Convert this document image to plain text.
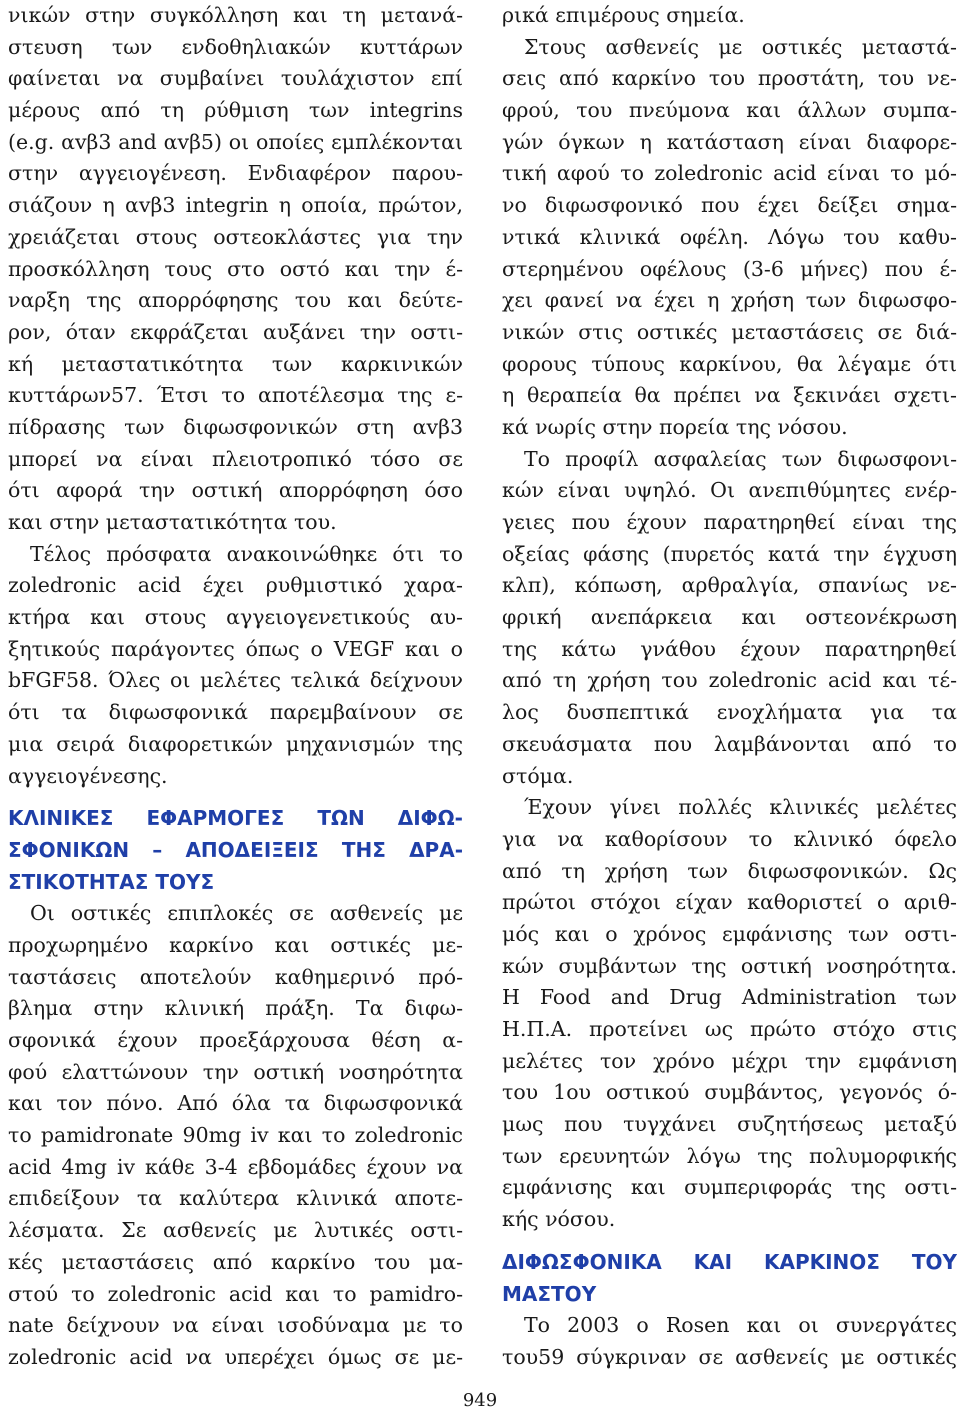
νικών στην συγκόλληση και τη μετανά-
στευση των ενδοθηλιακών κυττάρων
φαίνεται να συμβαίνει τουλάχιστον επί
μέρους από τη ρύθμιση των integrins
(e.g. αvβ3 and αvβ5) οι οποίες εμπλέκονται
στην αγγειογένεση. Ενδιαφέρον παρου-
σιάζουν η αvβ3 integrin η οποία, πρώτον,
χρειάζεται στους οστεοκλάστες για την
προσκόλληση τους στο οστό και την έ-
ναρξη της απορρόφησης του και δεύτε-
ρον, όταν εκφράζεται αυξάνει την οστι-
κή μεταστατικότητα των καρκινικών
κυττάρων57. Έτσι το αποτέλεσμα της ε-
πίδρασης των διφωσφονικών στη αvβ3
μπορεί να είναι πλειοτροπικό τόσο σε
ότι αφορά την οστική απορρόφηση όσο
και στην μεταστατικότητα του.
Τέλος πρόσφατα ανακοινώθηκε ότι το
zoledronic acid έχει ρυθμιστικό χαρα-
κτήρα και στους αγγειογενετικούς αυ-
ξητικούς παράγοντες όπως ο VEGF και ο
bFGF58. Όλες οι μελέτες τελικά δείχνουν
ότι τα διφωσφονικά παρεμβαίνουν σε
μια σειρά διαφορετικών μηχανισμών της
αγγειογένεσης.
ΚΛΙΝΙΚΕΣ ΕΦΑΡΜΟΓΕΣ ΤΩΝ ΔΙΦΩ-
ΣΦΟΝΙΚΩΝ – ΑΠΟΔΕΙΞΕΙΣ ΤΗΣ ΔΡΑ-
ΣΤΙΚΟΤΗΤΑΣ ΤΟΥΣ
Οι οστικές επιπλοκές σε ασθενείς με
προχωρημένο καρκίνο και οστικές με-
ταστάσεις αποτελούν καθημερινό πρό-
βλημα στην κλινική πράξη. Τα διφω-
σφονικά έχουν προεξάρχουσα θέση α-
φού ελαττώνουν την οστική νοσηρότητα
και τον πόνο. Από όλα τα διφωσφονικά
το pamidronate 90mg iv και το zoledronic
acid 4mg iv κάθε 3-4 εβδομάδες έχουν να
επιδείξουν τα καλύτερα κλινικά αποτε-
λέσματα. Σε ασθενείς με λυτικές οστι-
κές μεταστάσεις από καρκίνο του μα-
στού το zoledronic acid και το pamidro-
nate δείχνουν να είναι ισοδύναμα με το
zoledronic acid να υπερέχει όμως σε με-
ρικά επιμέρους σημεία.
Στους ασθενείς με οστικές μεταστά-
σεις από καρκίνο του προστάτη, του νε-
φρού, του πνεύμονα και άλλων συμπα-
γών όγκων η κατάσταση είναι διαφορε-
τική αφού το zoledronic acid είναι το μό-
νο διφωσφονικό που έχει δείξει σημα-
ντικά κλινικά οφέλη. Λόγω του καθυ-
στερημένου οφέλους (3-6 μήνες) που έ-
χει φανεί να έχει η χρήση των διφωσφο-
νικών στις οστικές μεταστάσεις σε διά-
φορους τύπους καρκίνου, θα λέγαμε ότι
η θεραπεία θα πρέπει να ξεκινάει σχετι-
κά νωρίς στην πορεία της νόσου.
Το προφίλ ασφαλείας των διφωσφονι-
κών είναι υψηλό. Οι ανεπιθύμητες ενέρ-
γειες που έχουν παρατηρηθεί είναι της
οξείας φάσης (πυρετός κατά την έγχυση
κλπ), κόπωση, αρθραλγία, σπανίως νε-
φρική ανεπάρκεια και οστεονέκρωση
της κάτω γνάθου έχουν παρατηρηθεί
από τη χρήση του zoledronic acid και τέ-
λος δυσπεπτικά ενοχλήματα για τα
σκευάσματα που λαμβάνονται από το
στόμα.
Έχουν γίνει πολλές κλινικές μελέτες
για να καθορίσουν το κλινικό όφελο
από τη χρήση των διφωσφονικών. Ως
πρώτοι στόχοι είχαν καθοριστεί ο αριθ-
μός και ο χρόνος εμφάνισης των οστι-
κών συμβάντων της οστική νοσηρότητα.
Η Food and Drug Administration των
Η.Π.Α. προτείνει ως πρώτο στόχο στις
μελέτες τον χρόνο μέχρι την εμφάνιση
του 1ου οστικού συμβάντος, γεγονός ό-
μως που τυγχάνει συζητήσεως μεταξύ
των ερευνητών λόγω της πολυμορφικής
εμφάνισης και συμπεριφοράς της οστι-
κής νόσου.
ΔΙΦΩΣΦΟΝΙΚΑ ΚΑΙ ΚΑΡΚΙΝΟΣ ΤΟΥ
ΜΑΣΤΟΥ
Το 2003 ο Rosen και οι συνεργάτες
του59 σύγκριναν σε ασθενείς με οστικές
949
